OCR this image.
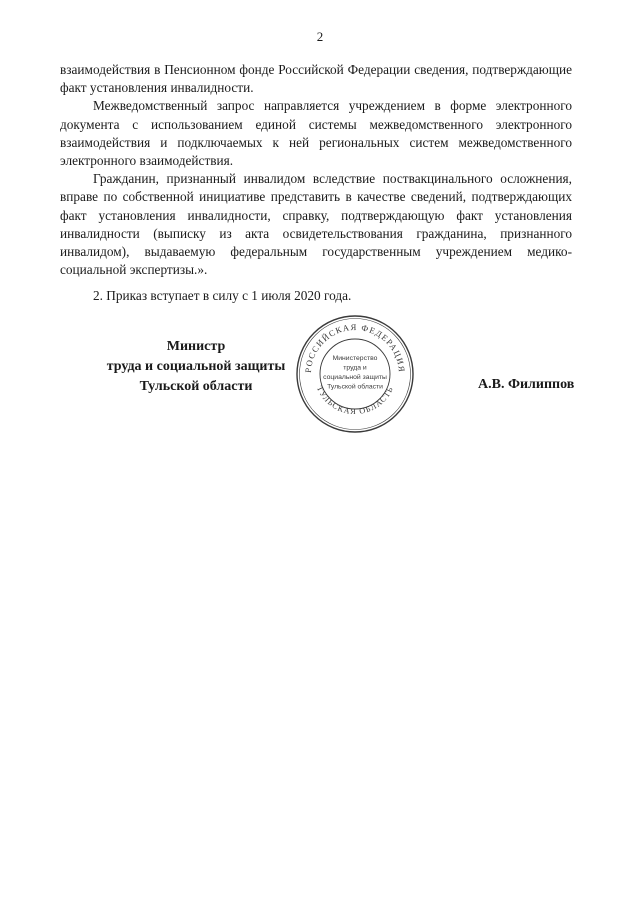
2

взаимодействия в Пенсионном фонде Российской Федерации сведения, подтверждающие факт установления инвалидности.

Межведомственный запрос направляется учреждением в форме электронного документа с использованием единой системы межведомственного электронного взаимодействия и подключаемых к ней региональных систем межведомственного электронного взаимодействия.

Гражданин, признанный инвалидом вследствие поствакцинального осложнения, вправе по собственной инициативе представить в качестве сведений, подтверждающих факт установления инвалидности, справку, подтверждающую факт установления инвалидности (выписку из акта освидетельствования гражданина, признанного инвалидом), выдаваемую федеральным государственным учреждением медико-социальной экспертизы.».

2. Приказ вступает в силу с 1 июля 2020 года.
Министр
труда и социальной защиты
Тульской области
РОССИЙСКАЯ ФЕДЕРАЦИЯ
ТУЛЬСКАЯ ОБЛАСТЬ
Министерство
труда и
социальной защиты
Тульской области	А.В. Филиппов
